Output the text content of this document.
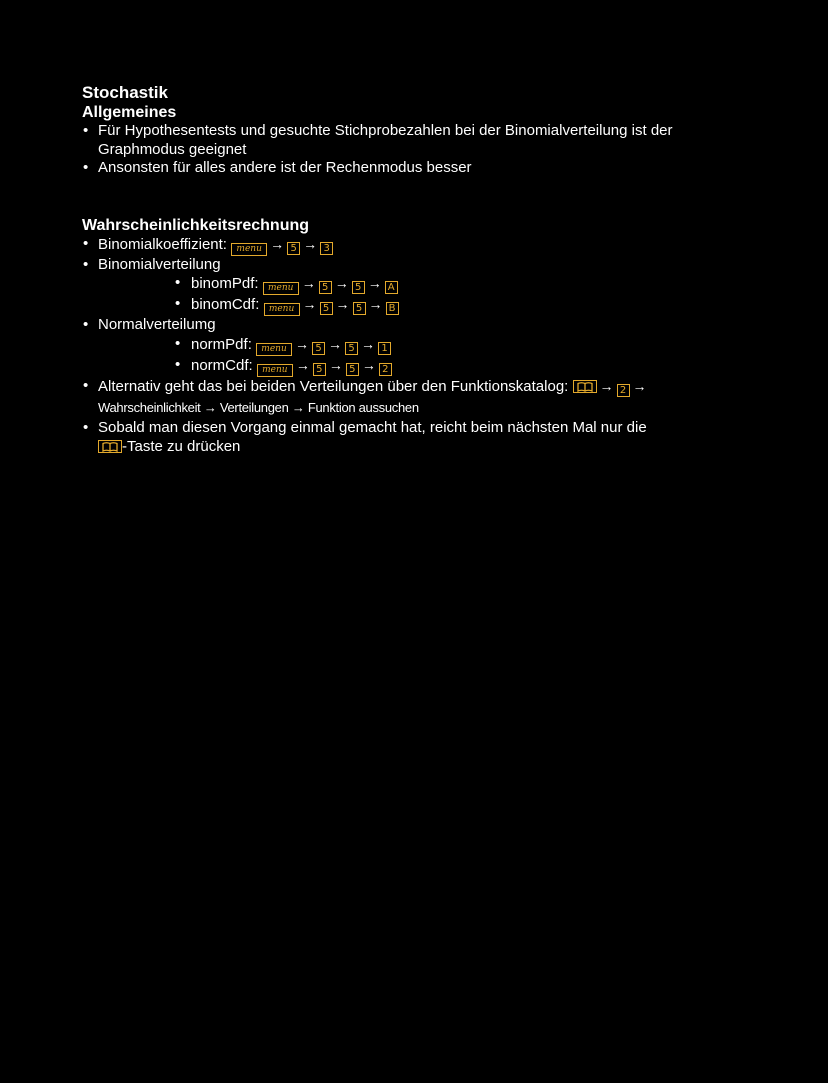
Stochastik
Allgemeines
• Für Hypothesentests und gesuchte Stichprobezahlen bei der Binomialverteilung ist der Graphmodus geeignet
• Ansonsten für alles andere ist der Rechenmodus besser
Wahrscheinlichkeitsrechnung
• Binomialkoeffizient: menu → 5 → 3
• Binomialverteilung
• binomPdf: menu → 5 → 5 → A
• binomCdf: menu → 5 → 5 → B
• Normalverteilumg
• normPdf: menu → 5 → 5 → 1
• normCdf: menu → 5 → 5 → 2
• Alternativ geht das bei beiden Verteilungen über den Funktionskatalog: → 2 →
Wahrscheinlichkeit → Verteilungen → Funktion aussuchen
• Sobald man diesen Vorgang einmal gemacht hat, reicht beim nächsten Mal nur die

-Taste zu drücken
